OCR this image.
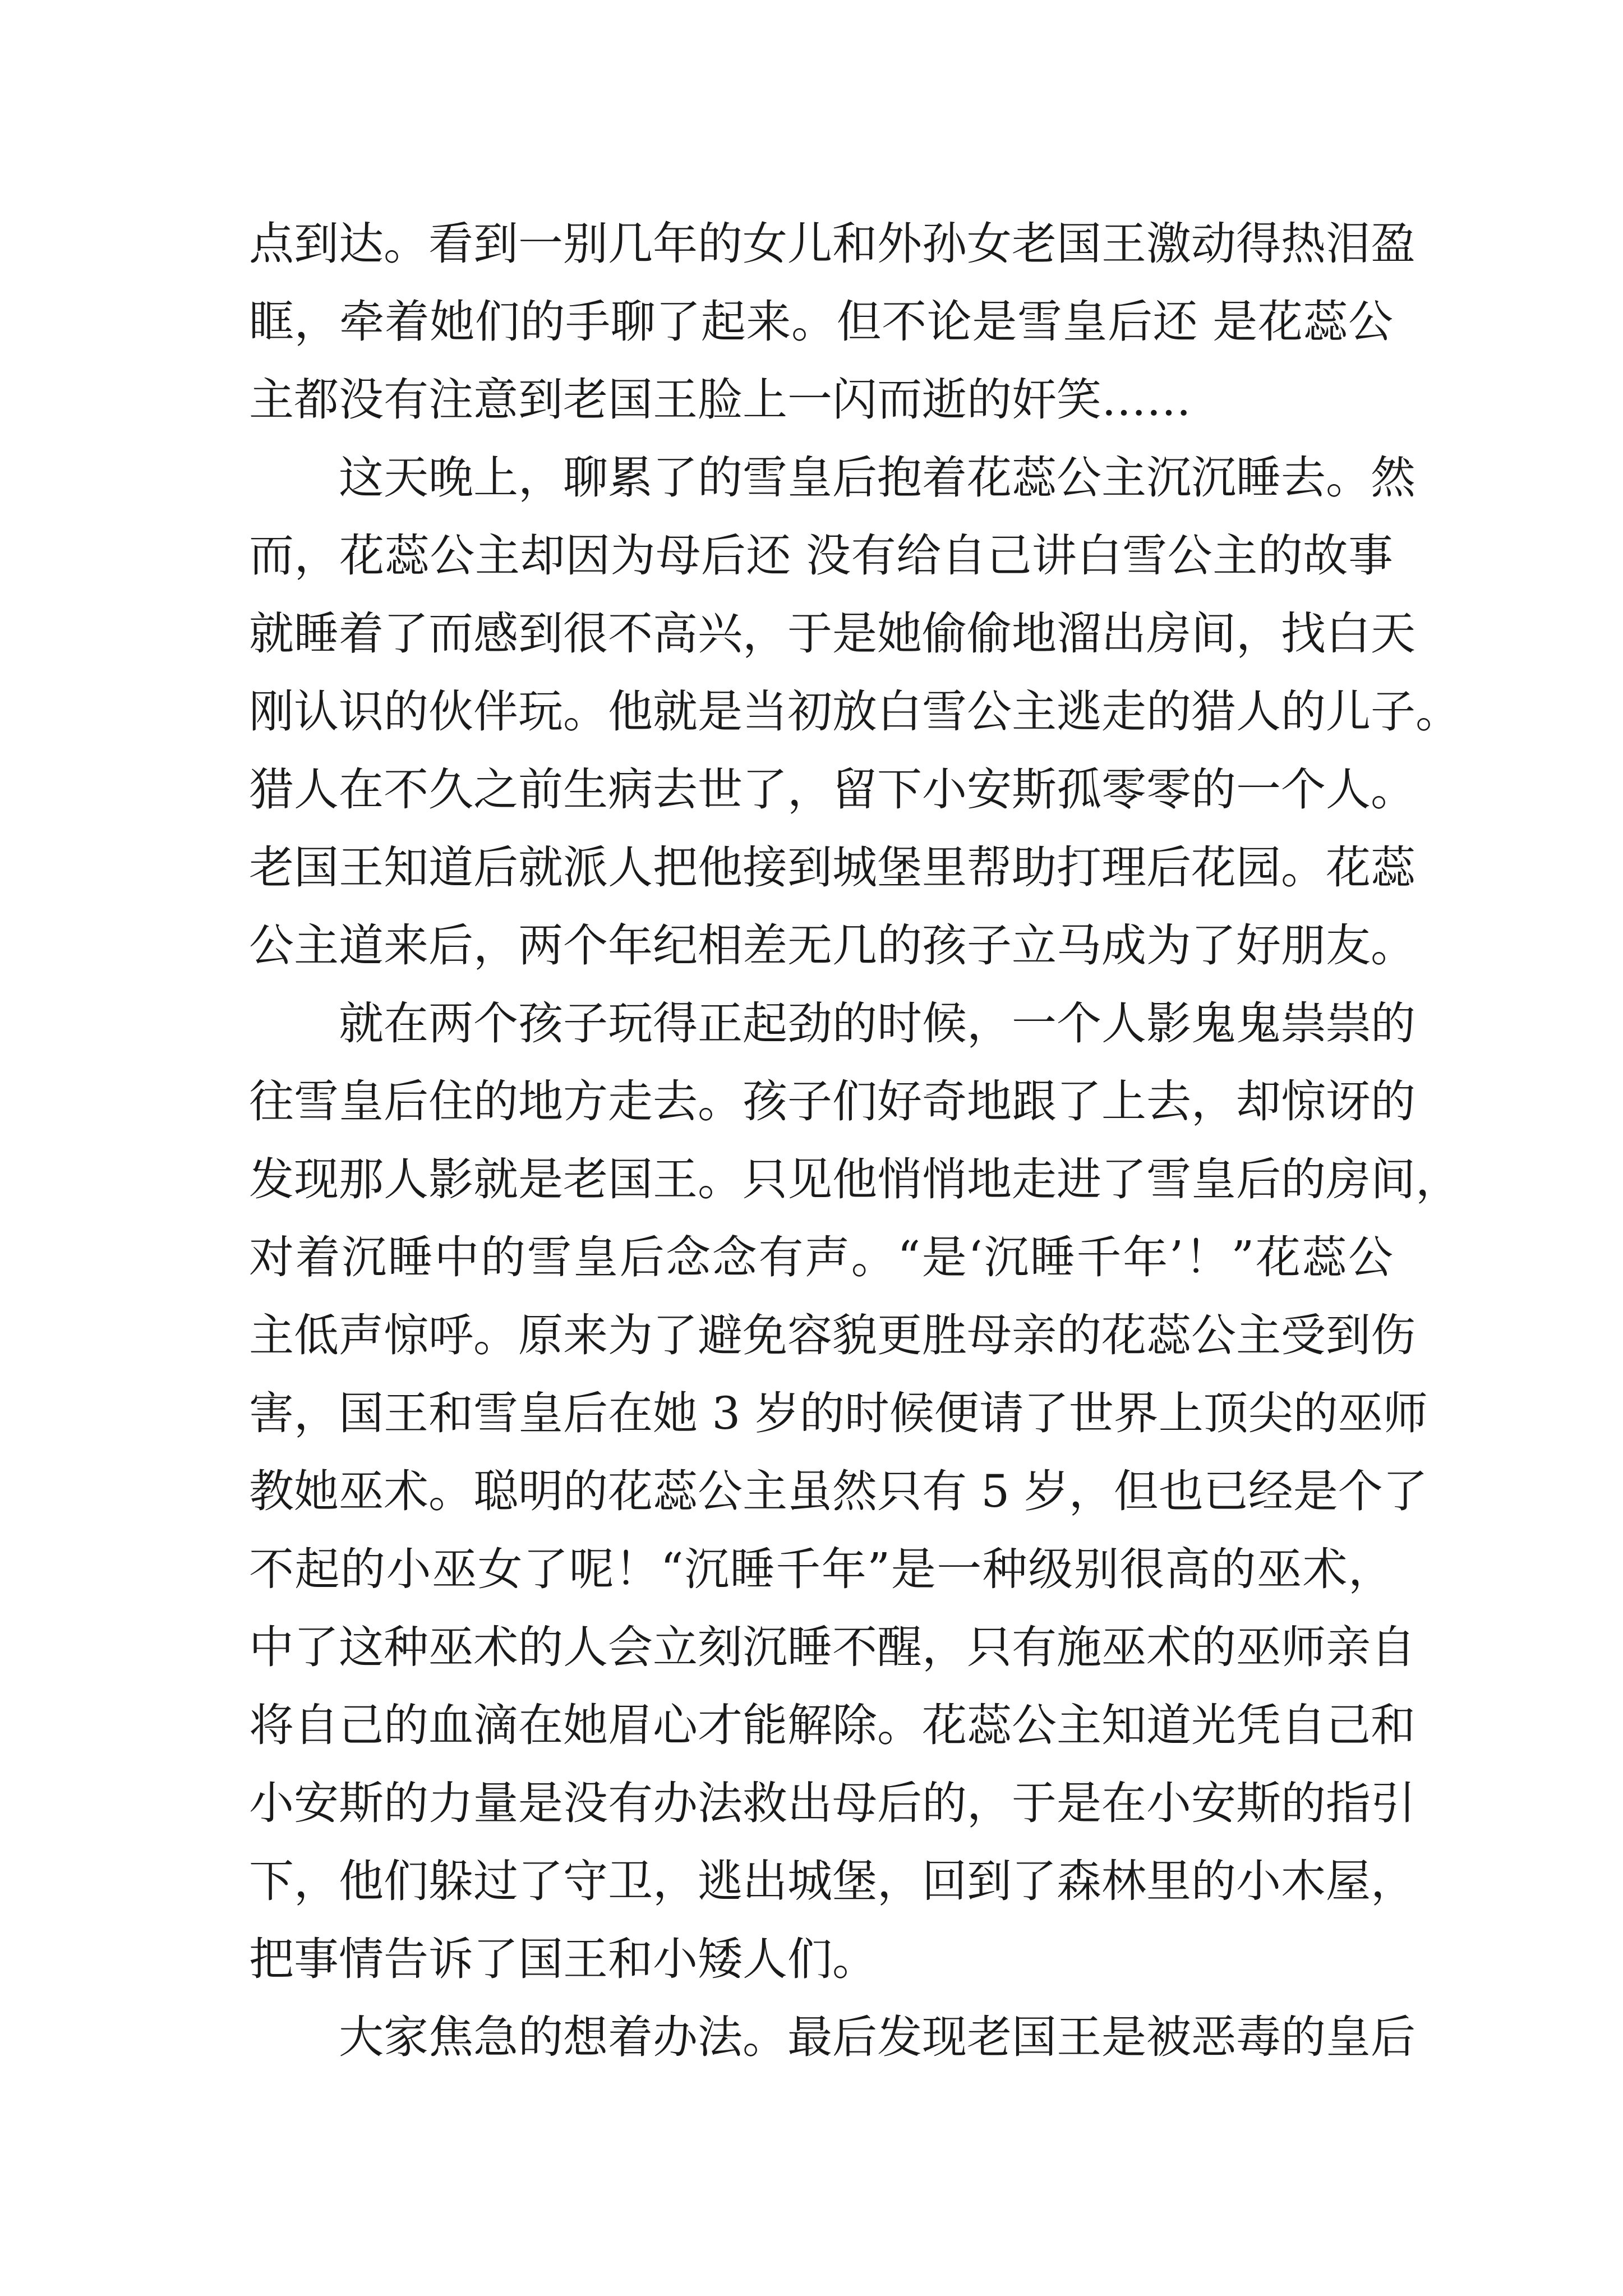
点到达。看到一别几年的女儿和外孙女老国王激动得热泪盈
眶，牵着她们的手聊了起来。但不论是雪皇后还 是花蕊公
主都没有注意到老国王脸上一闪而逝的奸笑……
这天晚上，聊累了的雪皇后抱着花蕊公主沉沉睡去。然
而，花蕊公主却因为母后还 没有给自己讲白雪公主的故事
就睡着了而感到很不高兴，于是她偷偷地溜出房间，找白天
刚认识的伙伴玩。他就是当初放白雪公主逃走的猎人的儿子。
猎人在不久之前生病去世了，留下小安斯孤零零的一个人。
老国王知道后就派人把他接到城堡里帮助打理后花园。花蕊
公主道来后，两个年纪相差无几的孩子立马成为了好朋友。
就在两个孩子玩得正起劲的时候，一个人影鬼鬼祟祟的
往雪皇后住的地方走去。孩子们好奇地跟了上去，却惊讶的
发现那人影就是老国王。只见他悄悄地走进了雪皇后的房间，
对着沉睡中的雪皇后念念有声。“是‘沉睡千年’！”花蕊公
主低声惊呼。原来为了避免容貌更胜母亲的花蕊公主受到伤
害，国王和雪皇后在她 3 岁的时候便请了世界上顶尖的巫师
教她巫术。聪明的花蕊公主虽然只有 5 岁，但也已经是个了
不起的小巫女了呢！“沉睡千年”是一种级别很高的巫术，
中了这种巫术的人会立刻沉睡不醒，只有施巫术的巫师亲自
将自己的血滴在她眉心才能解除。花蕊公主知道光凭自己和
小安斯的力量是没有办法救出母后的，于是在小安斯的指引
下，他们躲过了守卫，逃出城堡，回到了森林里的小木屋，
把事情告诉了国王和小矮人们。
大家焦急的想着办法。最后发现老国王是被恶毒的皇后
